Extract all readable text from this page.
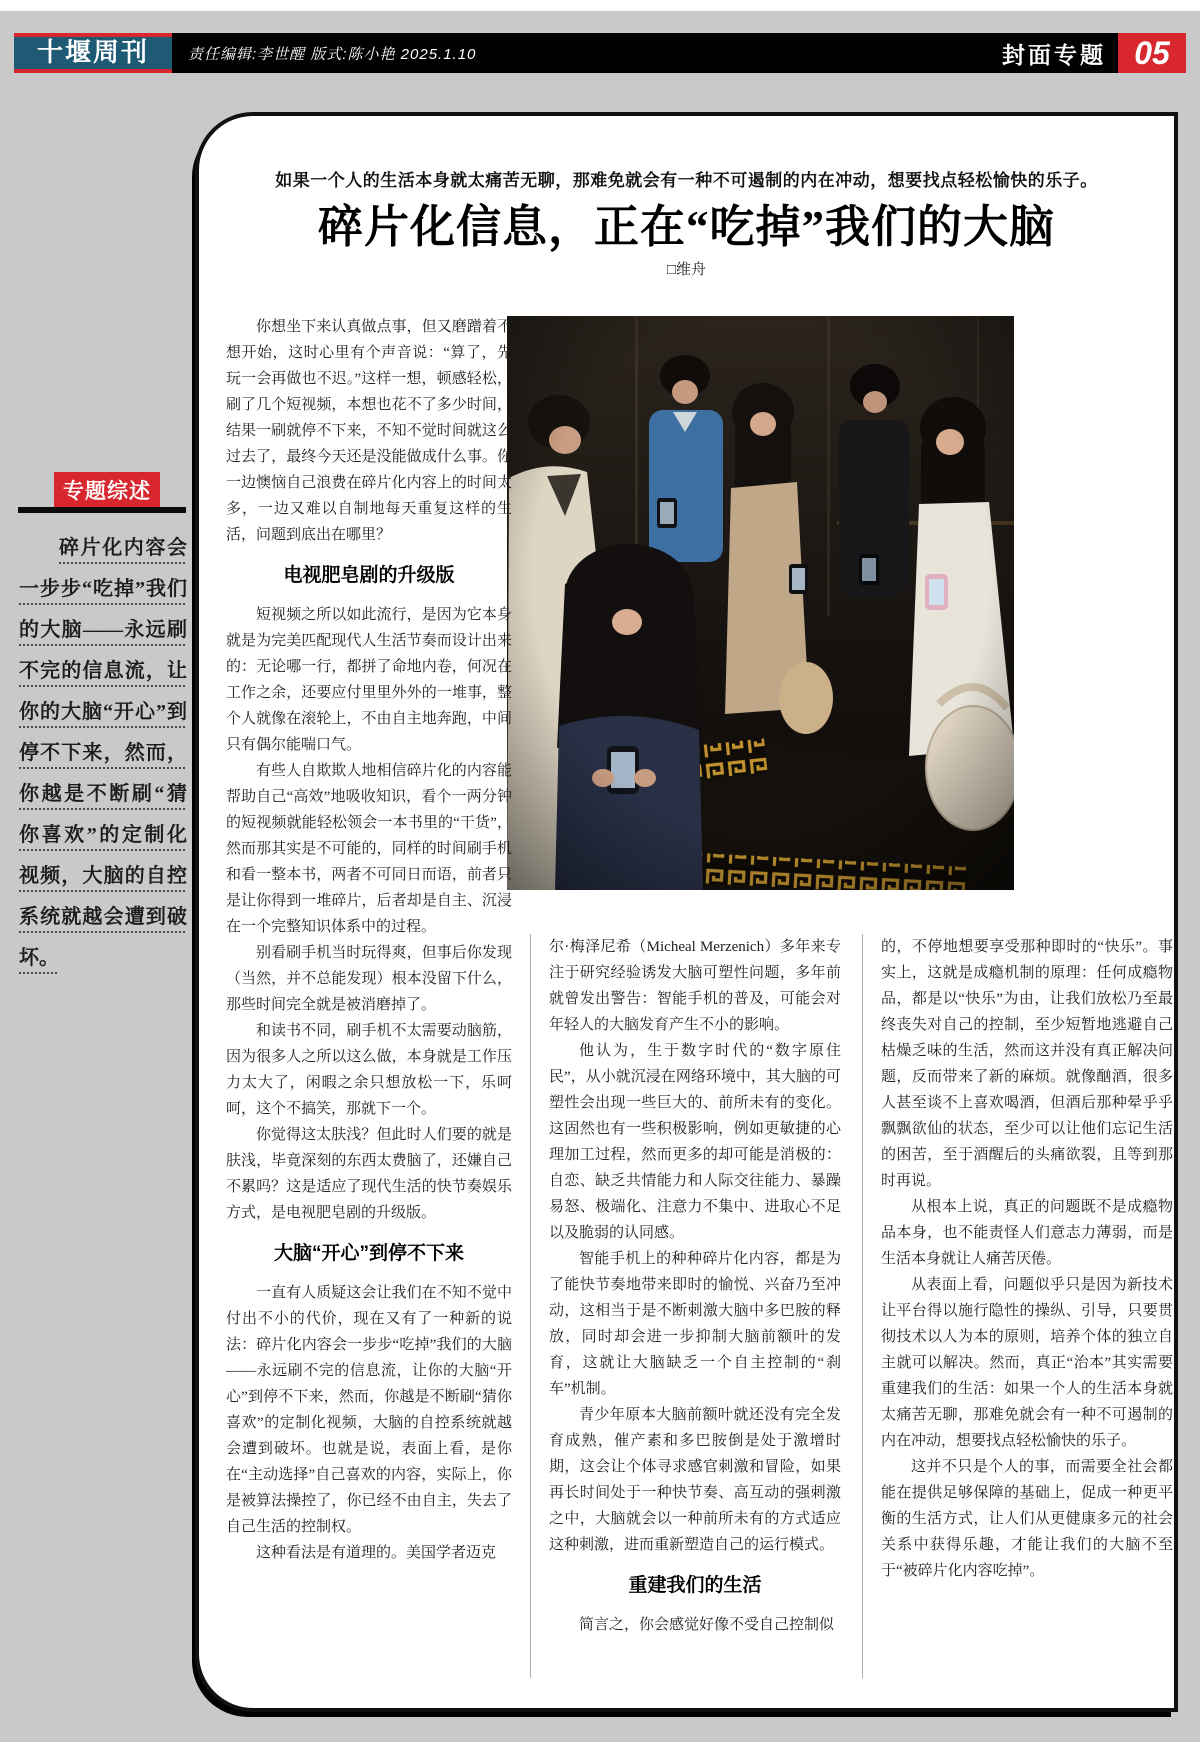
十堰周刊	责任编辑:李世醒 版式:陈小艳 2025.1.10	封面专题 05
专题综述

碎片化内容会一步步“吃掉”我们的大脑——永远刷不完的信息流，让你的大脑“开心”到停不下来，然而，你越是不断刷“猜你喜欢”的定制化视频，大脑的自控系统就越会遭到破坏。

如果一个人的生活本身就太痛苦无聊，那难免就会有一种不可遏制的内在冲动，想要找点轻松愉快的乐子。

碎片化信息，正在“吃掉”我们的大脑

□维舟

你想坐下来认真做点事，但又磨蹭着不想开始，这时心里有个声音说：“算了，先玩一会再做也不迟。”这样一想，顿感轻松，刷了几个短视频，本想也花不了多少时间，结果一刷就停不下来，不知不觉时间就这么过去了，最终今天还是没能做成什么事。你一边懊恼自己浪费在碎片化内容上的时间太多，一边又难以自制地每天重复这样的生活，问题到底出在哪里？

电视肥皂剧的升级版

短视频之所以如此流行，是因为它本身就是为完美匹配现代人生活节奏而设计出来的：无论哪一行，都拼了命地内卷，何况在工作之余，还要应付里里外外的一堆事，整个人就像在滚轮上，不由自主地奔跑，中间只有偶尔能喘口气。

有些人自欺欺人地相信碎片化的内容能帮助自己“高效”地吸收知识，看个一两分钟的短视频就能轻松领会一本书里的“干货”，然而那其实是不可能的，同样的时间刷手机和看一整本书，两者不可同日而语，前者只是让你得到一堆碎片，后者却是自主、沉浸在一个完整知识体系中的过程。

别看刷手机当时玩得爽，但事后你发现（当然，并不总能发现）根本没留下什么，那些时间完全就是被消磨掉了。

和读书不同，刷手机不太需要动脑筋，因为很多人之所以这么做，本身就是工作压力太大了，闲暇之余只想放松一下，乐呵呵，这个不搞笑，那就下一个。

你觉得这太肤浅？但此时人们要的就是肤浅，毕竟深刻的东西太费脑了，还嫌自己不累吗？这是适应了现代生活的快节奏娱乐方式，是电视肥皂剧的升级版。

大脑“开心”到停不下来

一直有人质疑这会让我们在不知不觉中付出不小的代价，现在又有了一种新的说法：碎片化内容会一步步“吃掉”我们的大脑——永远刷不完的信息流，让你的大脑“开心”到停不下来，然而，你越是不断刷“猜你喜欢”的定制化视频，大脑的自控系统就越会遭到破坏。也就是说，表面上看，是你在“主动选择”自己喜欢的内容，实际上，你是被算法操控了，你已经不由自主，失去了自己生活的控制权。

这种看法是有道理的。美国学者迈克

尔·梅泽尼希（Micheal Merzenich）多年来专注于研究经验诱发大脑可塑性问题，多年前就曾发出警告：智能手机的普及，可能会对年轻人的大脑发育产生不小的影响。

他认为，生于数字时代的“数字原住民”，从小就沉浸在网络环境中，其大脑的可塑性会出现一些巨大的、前所未有的变化。这固然也有一些积极影响，例如更敏捷的心理加工过程，然而更多的却可能是消极的：自恋、缺乏共情能力和人际交往能力、暴躁易怒、极端化、注意力不集中、进取心不足以及脆弱的认同感。

智能手机上的种种碎片化内容，都是为了能快节奏地带来即时的愉悦、兴奋乃至冲动，这相当于是不断刺激大脑中多巴胺的释放，同时却会进一步抑制大脑前额叶的发育，这就让大脑缺乏一个自主控制的“刹车”机制。

青少年原本大脑前额叶就还没有完全发育成熟，催产素和多巴胺倒是处于激增时期，这会让个体寻求感官刺激和冒险，如果再长时间处于一种快节奏、高互动的强刺激之中，大脑就会以一种前所未有的方式适应这种刺激，进而重新塑造自己的运行模式。

重建我们的生活

简言之，你会感觉好像不受自己控制似

的，不停地想要享受那种即时的“快乐”。事实上，这就是成瘾机制的原理：任何成瘾物品，都是以“快乐”为由，让我们放松乃至最终丧失对自己的控制，至少短暂地逃避自己枯燥乏味的生活，然而这并没有真正解决问题，反而带来了新的麻烦。就像酗酒，很多人甚至谈不上喜欢喝酒，但酒后那种晕乎乎飘飘欲仙的状态，至少可以让他们忘记生活的困苦，至于酒醒后的头痛欲裂，且等到那时再说。

从根本上说，真正的问题既不是成瘾物品本身，也不能责怪人们意志力薄弱，而是生活本身就让人痛苦厌倦。

从表面上看，问题似乎只是因为新技术让平台得以施行隐性的操纵、引导，只要贯彻技术以人为本的原则，培养个体的独立自主就可以解决。然而，真正“治本”其实需要重建我们的生活：如果一个人的生活本身就太痛苦无聊，那难免就会有一种不可遏制的内在冲动，想要找点轻松愉快的乐子。

这并不只是个人的事，而需要全社会都能在提供足够保障的基础上，促成一种更平衡的生活方式，让人们从更健康多元的社会关系中获得乐趣，才能让我们的大脑不至于“被碎片化内容吃掉”。
